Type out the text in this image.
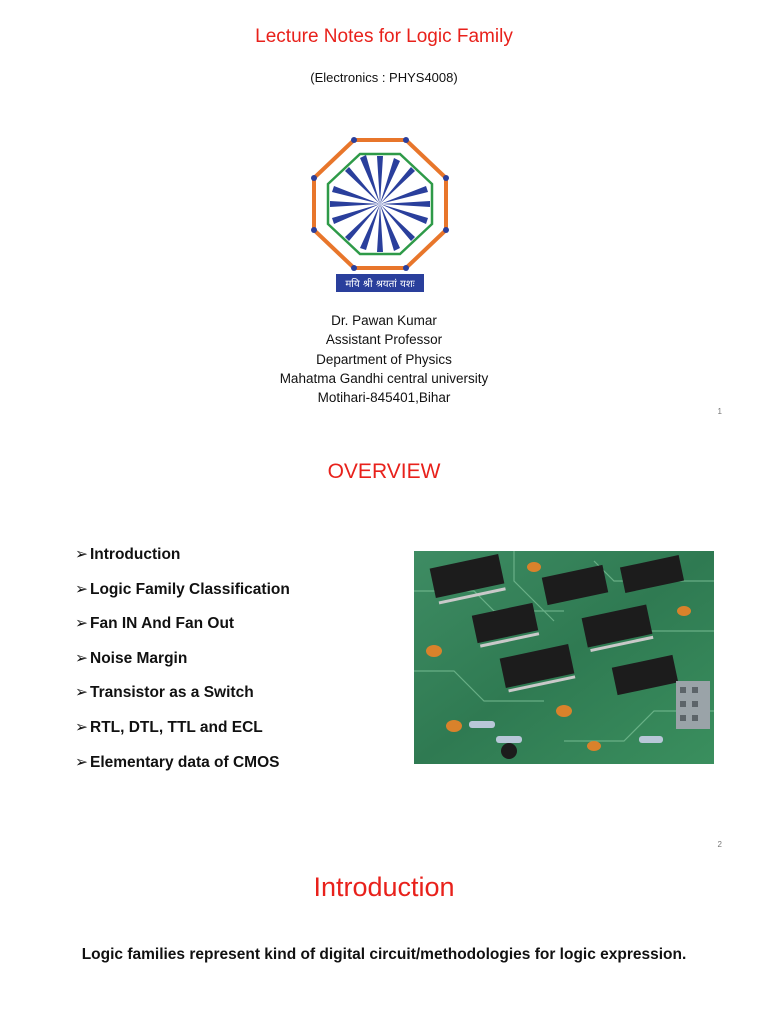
Lecture Notes for Logic Family
(Electronics : PHYS4008)
मयि श्री श्रयतां यशः
Dr. Pawan Kumar
Assistant Professor
Department of Physics
Mahatma Gandhi central university
Motihari-845401,Bihar
1
OVERVIEW
➢ Introduction
➢ Logic Family Classification
➢ Fan IN And Fan Out
➢ Noise Margin
➢ Transistor as a Switch
➢ RTL, DTL, TTL and ECL
➢ Elementary data of CMOS
2
Introduction
Logic families represent kind of digital circuit/methodologies for logic expression.
